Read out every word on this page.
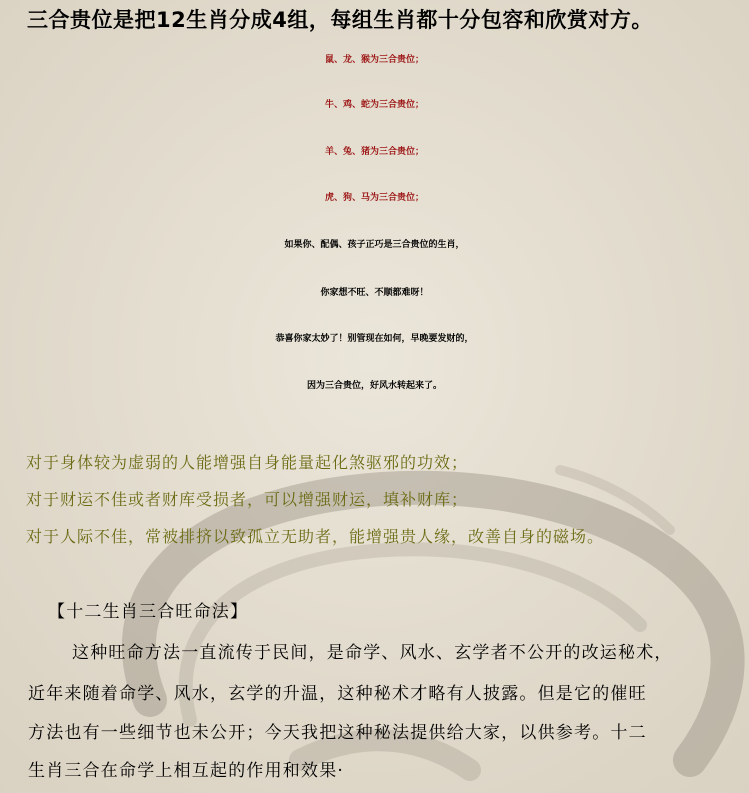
三合贵位是把12生肖分成4组，每组生肖都十分包容和欣赏对方。
鼠、龙、猴为三合贵位；
牛、鸡、蛇为三合贵位；
羊、兔、猪为三合贵位；
虎、狗、马为三合贵位；
如果你、配偶、孩子正巧是三合贵位的生肖，
你家想不旺、不顺都难呀！
恭喜你家太妙了！别管现在如何，早晚要发财的，
因为三合贵位，好风水转起来了。
对于身体较为虚弱的人能增强自身能量起化煞驱邪的功效；
对于财运不佳或者财库受损者，可以增强财运，填补财库；
对于人际不佳，常被排挤以致孤立无助者，能增强贵人缘，改善自身的磁场。
【十二生肖三合旺命法】
这种旺命方法一直流传于民间，是命学、风水、玄学者不公开的改运秘术，
近年来随着命学、风水，玄学的升温，这种秘术才略有人披露。但是它的催旺
方法也有一些细节也未公开；今天我把这种秘法提供给大家，以供参考。十二
生肖三合在命学上相互起的作用和效果·
